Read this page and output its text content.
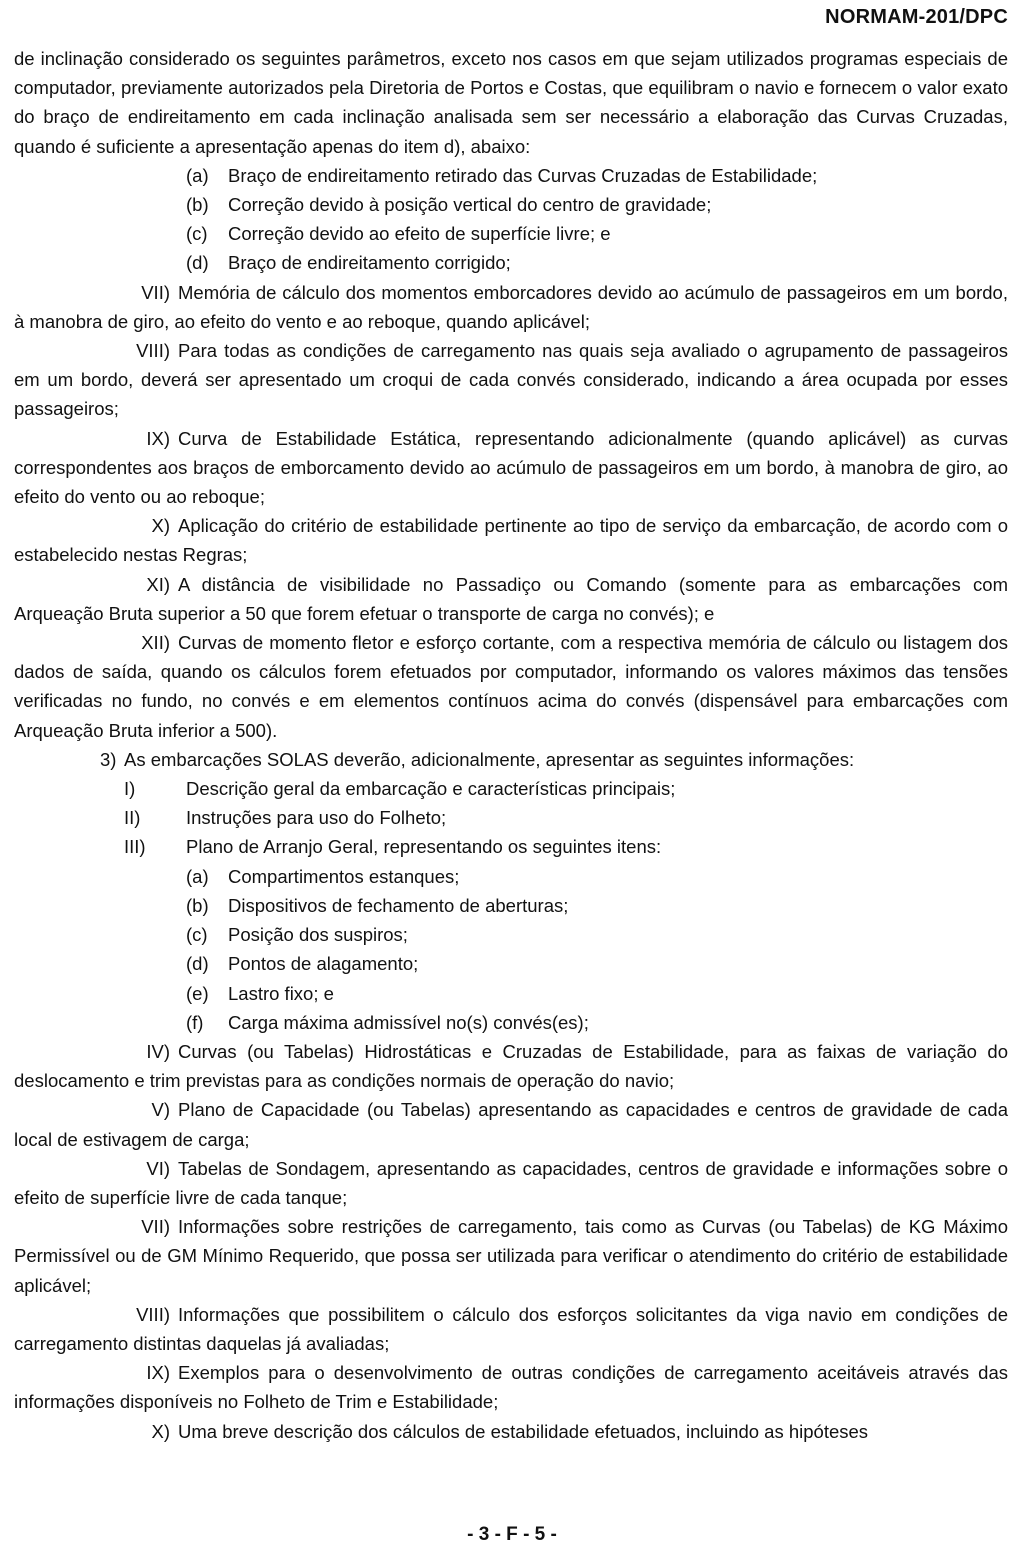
NORMAM-201/DPC
de inclinação considerado os seguintes parâmetros, exceto nos casos em que sejam utilizados programas especiais de computador, previamente autorizados pela Diretoria de Portos e Costas, que equilibram o navio e fornecem o valor exato do braço de endireitamento em cada inclinação analisada sem ser necessário a elaboração das Curvas Cruzadas, quando é suficiente a apresentação apenas do item d), abaixo:
(a) Braço de endireitamento retirado das Curvas Cruzadas de Estabilidade;
(b) Correção devido à posição vertical do centro de gravidade;
(c) Correção devido ao efeito de superfície livre; e
(d) Braço de endireitamento corrigido;
VII) Memória de cálculo dos momentos emborcadores devido ao acúmulo de passageiros em um bordo, à manobra de giro, ao efeito do vento e ao reboque, quando aplicável;
VIII) Para todas as condições de carregamento nas quais seja avaliado o agrupamento de passageiros em um bordo, deverá ser apresentado um croqui de cada convés considerado, indicando a área ocupada por esses passageiros;
IX) Curva de Estabilidade Estática, representando adicionalmente (quando aplicável) as curvas correspondentes aos braços de emborcamento devido ao acúmulo de passageiros em um bordo, à manobra de giro, ao efeito do vento ou ao reboque;
X) Aplicação do critério de estabilidade pertinente ao tipo de serviço da embarcação, de acordo com o estabelecido nestas Regras;
XI) A distância de visibilidade no Passadiço ou Comando (somente para as embarcações com Arqueação Bruta superior a 50 que forem efetuar o transporte de carga no convés); e
XII) Curvas de momento fletor e esforço cortante, com a respectiva memória de cálculo ou listagem dos dados de saída, quando os cálculos forem efetuados por computador, informando os valores máximos das tensões verificadas no fundo, no convés e em elementos contínuos acima do convés (dispensável para embarcações com Arqueação Bruta inferior a 500).
3) As embarcações SOLAS deverão, adicionalmente, apresentar as seguintes informações:
I)	Descrição geral da embarcação e características principais;
II) Instruções para uso do Folheto;
III) Plano de Arranjo Geral, representando os seguintes itens:
(a) Compartimentos estanques;
(b) Dispositivos de fechamento de aberturas;
(c) Posição dos suspiros;
(d) Pontos de alagamento;
(e) Lastro fixo; e
(f) Carga máxima admissível no(s) convés(es);
IV) Curvas (ou Tabelas) Hidrostáticas e Cruzadas de Estabilidade, para as faixas de variação do deslocamento e trim previstas para as condições normais de operação do navio;
V) Plano de Capacidade (ou Tabelas) apresentando as capacidades e centros de gravidade de cada local de estivagem de carga;
VI) Tabelas de Sondagem, apresentando as capacidades, centros de gravidade e informações sobre o efeito de superfície livre de cada tanque;
VII) Informações sobre restrições de carregamento, tais como as Curvas (ou Tabelas) de KG Máximo Permissível ou de GM Mínimo Requerido, que possa ser utilizada para verificar o atendimento do critério de estabilidade aplicável;
VIII) Informações que possibilitem o cálculo dos esforços solicitantes da viga navio em condições de carregamento distintas daquelas já avaliadas;
IX) Exemplos para o desenvolvimento de outras condições de carregamento aceitáveis através das informações disponíveis no Folheto de Trim e Estabilidade;
X) Uma breve descrição dos cálculos de estabilidade efetuados, incluindo as hipóteses
- 3 - F - 5 -
